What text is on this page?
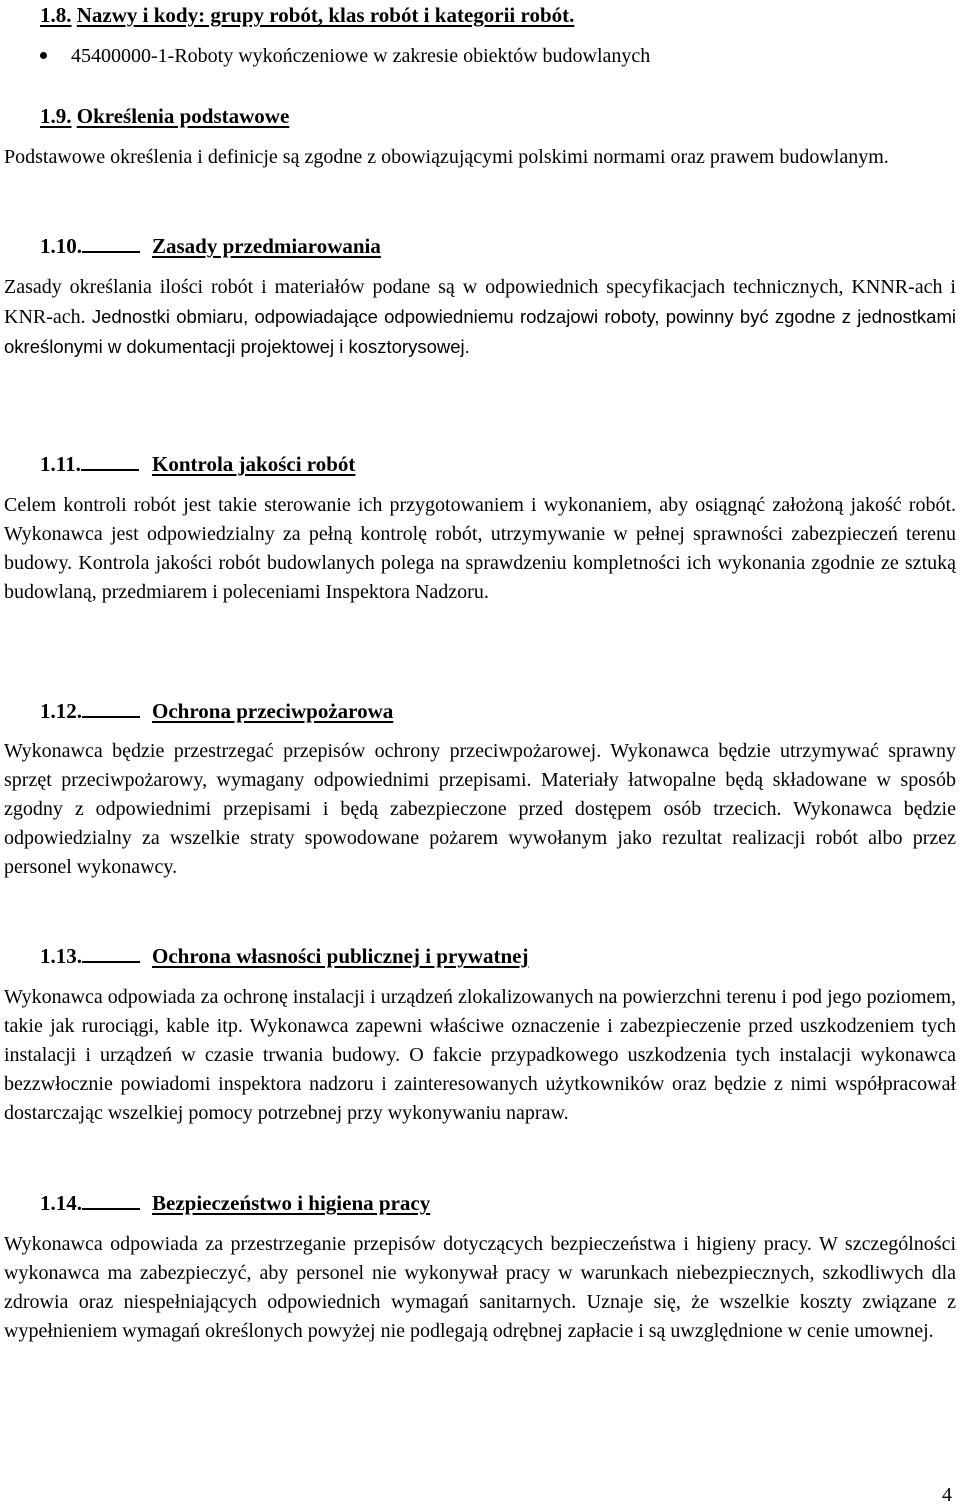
1.8. Nazwy i kody: grupy robót, klas robót i kategorii robót.
45400000-1-Roboty wykończeniowe w zakresie obiektów budowlanych
1.9. Określenia podstawowe
Podstawowe określenia i definicje są zgodne z obowiązującymi polskimi normami oraz prawem budowlanym.
1.10.	Zasady przedmiarowania
Zasady określania ilości robót i materiałów podane są w odpowiednich specyfikacjach technicznych, KNNR-ach i KNR-ach. Jednostki obmiaru, odpowiadające odpowiedniemu rodzajowi roboty, powinny być zgodne z jednostkami określonymi w dokumentacji projektowej i kosztorysowej.
1.11.	Kontrola jakości robót
Celem kontroli robót jest takie sterowanie ich przygotowaniem i wykonaniem, aby osiągnąć założoną jakość robót. Wykonawca jest odpowiedzialny za pełną kontrolę robót, utrzymywanie w pełnej sprawności zabezpieczeń terenu budowy. Kontrola jakości robót budowlanych polega na sprawdzeniu kompletności ich wykonania zgodnie ze sztuką budowlaną, przedmiarem i poleceniami Inspektora Nadzoru.
1.12.	Ochrona przeciwpożarowa
Wykonawca będzie przestrzegać przepisów ochrony przeciwpożarowej. Wykonawca będzie utrzymywać sprawny sprzęt przeciwpożarowy, wymagany odpowiednimi przepisami. Materiały łatwopalne będą składowane w sposób zgodny z odpowiednimi przepisami i będą zabezpieczone przed dostępem osób trzecich. Wykonawca będzie odpowiedzialny za wszelkie straty spowodowane pożarem wywołanym jako rezultat realizacji robót albo przez personel wykonawcy.
1.13.	Ochrona własności publicznej i prywatnej
Wykonawca odpowiada za ochronę instalacji i urządzeń zlokalizowanych na powierzchni terenu i pod jego poziomem, takie jak rurociągi, kable itp. Wykonawca zapewni właściwe oznaczenie i zabezpieczenie przed uszkodzeniem tych instalacji i urządzeń w czasie trwania budowy. O fakcie przypadkowego uszkodzenia tych instalacji wykonawca bezzwłocznie powiadomi inspektora nadzoru i zainteresowanych użytkowników oraz będzie z nimi współpracował dostarczając wszelkiej pomocy potrzebnej przy wykonywaniu napraw.
1.14.	Bezpieczeństwo i higiena pracy
Wykonawca odpowiada za przestrzeganie przepisów dotyczących bezpieczeństwa i higieny pracy. W szczególności wykonawca ma zabezpieczyć, aby personel nie wykonywał pracy w warunkach niebezpiecznych, szkodliwych dla zdrowia oraz niespełniających odpowiednich wymagań sanitarnych. Uznaje się, że wszelkie koszty związane z wypełnieniem wymagań określonych powyżej nie podlegają odrębnej zapłacie i są uwzględnione w cenie umownej.
4
